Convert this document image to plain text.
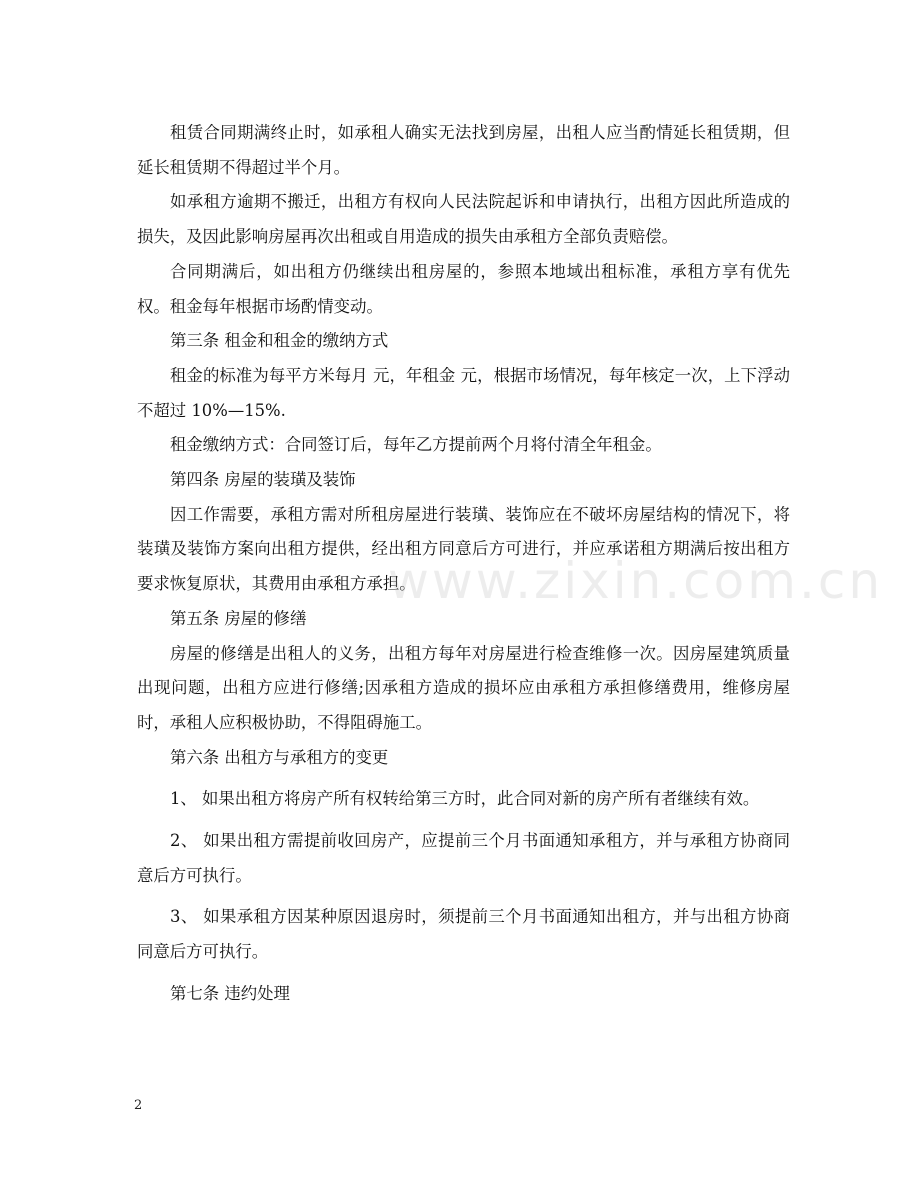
租赁合同期满终止时，如承租人确实无法找到房屋，出租人应当酌情延长租赁期，但延长租赁期不得超过半个月。

如承租方逾期不搬迁，出租方有权向人民法院起诉和申请执行，出租方因此所造成的损失，及因此影响房屋再次出租或自用造成的损失由承租方全部负责赔偿。

合同期满后，如出租方仍继续出租房屋的，参照本地域出租标准，承租方享有优先权。租金每年根据市场酌情变动。

第三条 租金和租金的缴纳方式

租金的标准为每平方米每月 元，年租金 元，根据市场情况，每年核定一次，上下浮动不超过 10%—15%.

租金缴纳方式：合同签订后，每年乙方提前两个月将付清全年租金。

第四条 房屋的装璜及装饰

因工作需要，承租方需对所租房屋进行装璜、装饰应在不破坏房屋结构的情况下，将装璜及装饰方案向出租方提供，经出租方同意后方可进行，并应承诺租方期满后按出租方要求恢复原状，其费用由承租方承担。

第五条 房屋的修缮

房屋的修缮是出租人的义务，出租方每年对房屋进行检查维修一次。因房屋建筑质量出现问题，出租方应进行修缮;因承租方造成的损坏应由承租方承担修缮费用，维修房屋时，承租人应积极协助，不得阻碍施工。

第六条 出租方与承租方的变更

1、 如果出租方将房产所有权转给第三方时，此合同对新的房产所有者继续有效。

2、 如果出租方需提前收回房产，应提前三个月书面通知承租方，并与承租方协商同意后方可执行。

3、 如果承租方因某种原因退房时，须提前三个月书面通知出租方，并与出租方协商同意后方可执行。

第七条 违约处理

www.zixin.com.cn
2
